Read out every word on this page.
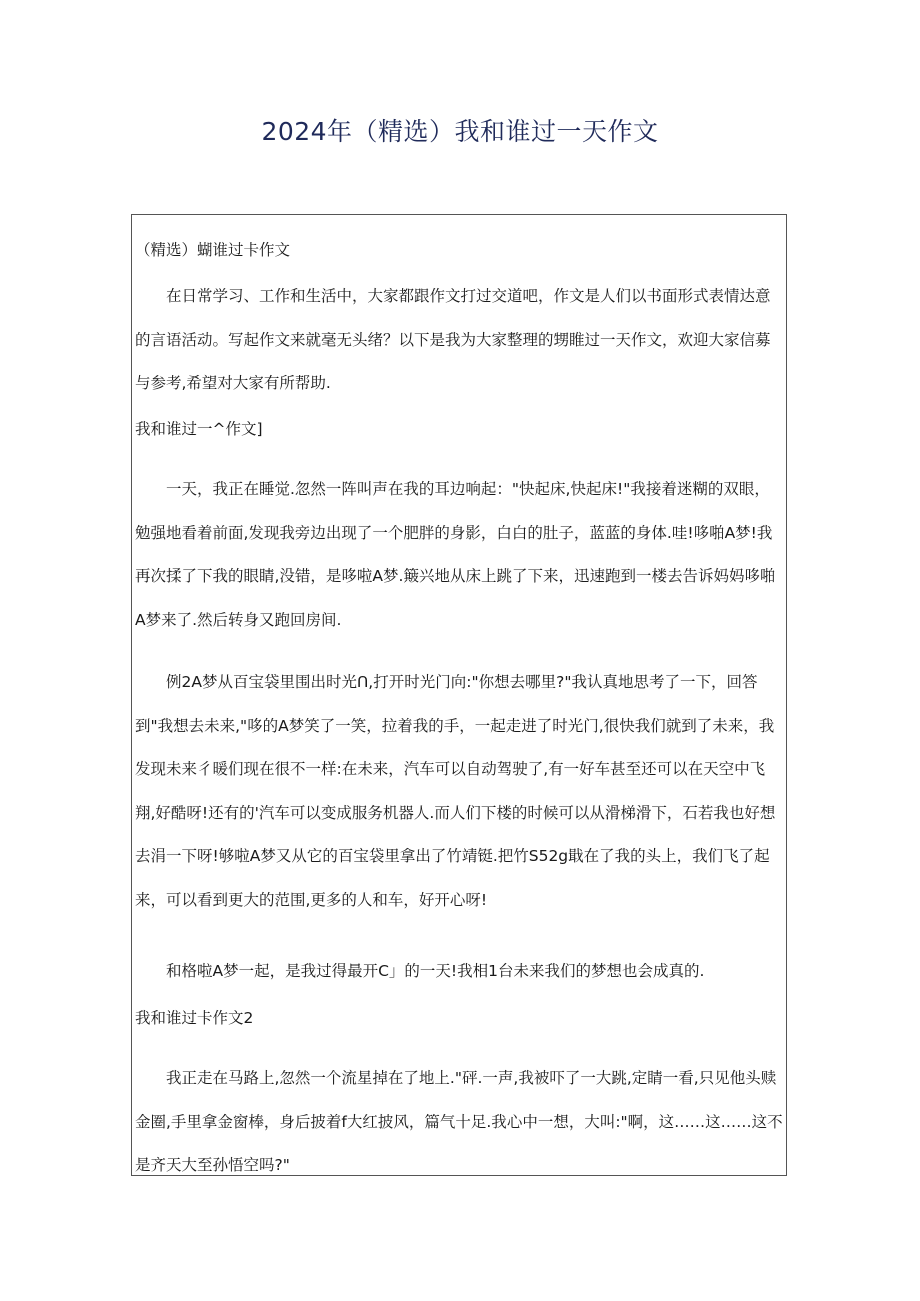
2024年（精选）我和谁过一天作文

（精选）蝴谁过卡作文

在日常学习、工作和生活中，大家都跟作文打过交道吧，作文是人们以书面形式表情达意的言语活动。写起作文来就毫无头绪？以下是我为大家整理的甥睢过一天作文，欢迎大家信募与参考,希望对大家有所帮助.

我和谁过一^作文]

一天，我正在睡觉.忽然一阵叫声在我的耳边响起："快起床,快起床!"我接着迷糊的双眼，勉强地看着前面,发现我旁边出现了一个肥胖的身影，白白的肚子，蓝蓝的身体.哇!哆啪A梦!我再次揉了下我的眼睛,没错，是哆啦A梦.簸兴地从床上跳了下来，迅速跑到一楼去告诉妈妈哆啪A梦来了.然后转身又跑回房间.

例2A梦从百宝袋里围出时光Ո,打开时光门向:"你想去哪里?"我认真地思考了一下，回答到"我想去未来,"哆的A梦笑了一笑，拉着我的手，一起走进了时光门,很快我们就到了未来，我发现未来彳暖们现在很不一样:在未来，汽车可以自动驾驶了,有一好车甚至还可以在天空中飞翔,好酷呀!还有的'汽车可以变成服务机器人.而人们下楼的时候可以从滑梯滑下，石若我也好想去涓一下呀!够啦A梦又从它的百宝袋里拿出了竹靖铤.把竹S52g戢在了我的头上，我们飞了起来，可以看到更大的范围,更多的人和车，好开心呀!

和格啦A梦一起，是我过得最开C」的一天!我相1台未来我们的梦想也会成真的.

我和谁过卡作文2

我正走在马路上,忽然一个流星掉在了地上."砰.一声,我被吓了一大跳,定睛一看,只见他头赎金圈,手里拿金窗棒，身后披着f大红披风，篇气十足.我心中一想，大叫:"啊，这……这……这不是齐天大至孙悟空吗?"
